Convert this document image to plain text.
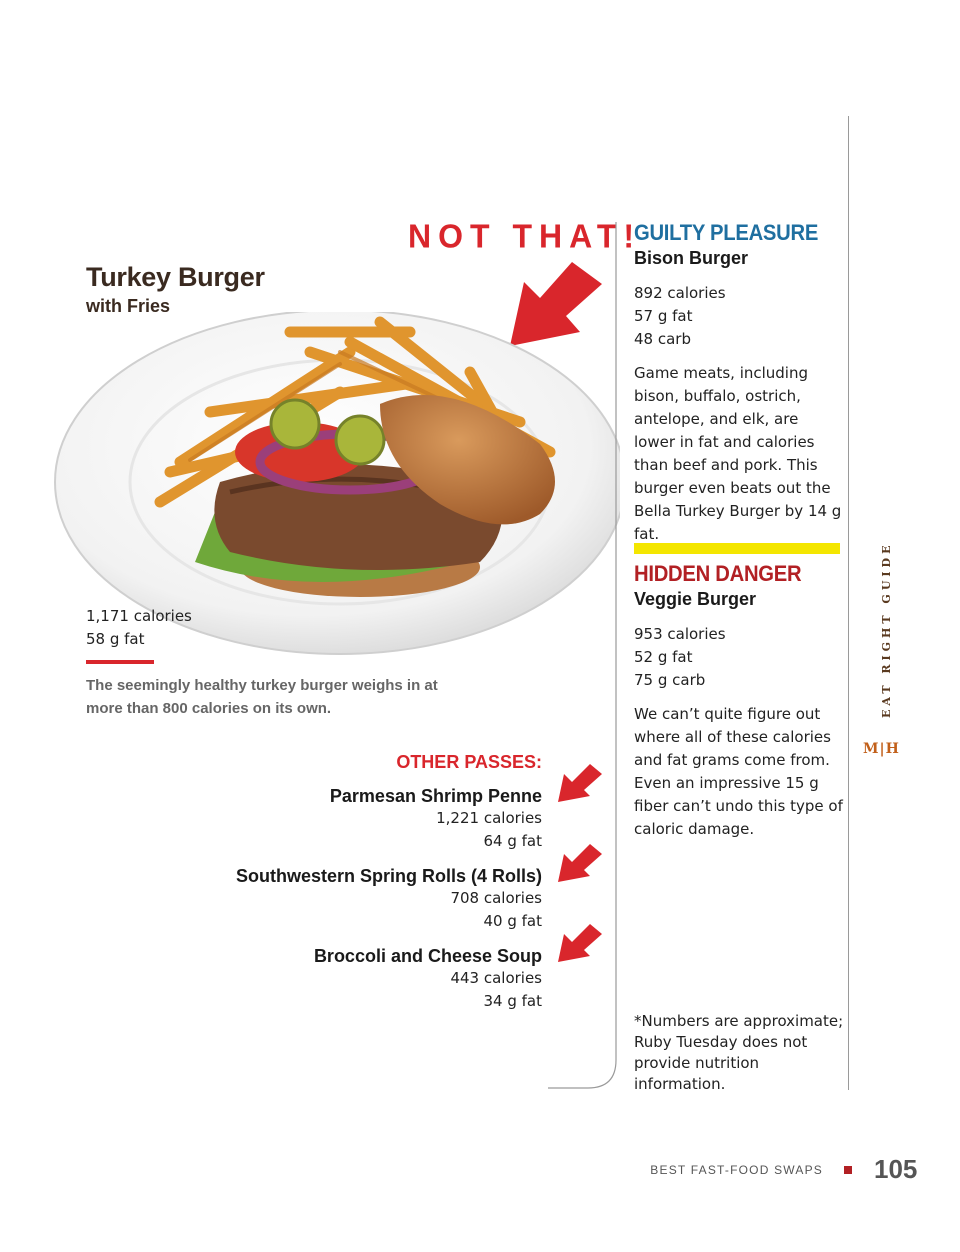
Turkey Burger
with Fries
NOT THAT!
1,171 calories
58 g fat
The seemingly healthy turkey burger weighs in at more than 800 calories on its own.
OTHER PASSES:
Parmesan Shrimp Penne
1,221 calories
64 g fat
Southwestern Spring Rolls (4 Rolls)
708 calories
40 g fat
Broccoli and Cheese Soup
443 calories
34 g fat
GUILTY PLEASURE
Bison Burger
892 calories
57 g fat
48 carb
Game meats, including bison, buffalo, ostrich, antelope, and elk, are lower in fat and calories than beef and pork. This burger even beats out the Bella Turkey Burger by 14 g fat.
HIDDEN DANGER
Veggie Burger
953 calories
52 g fat
75 g carb
We can’t quite figure out where all of these calories and fat grams come from. Even an impressive 15 g fiber can’t undo this type of caloric damage.
*Numbers are approximate; Ruby Tuesday does not provide nutrition information.
EAT RIGHT GUIDE
M|H
BEST FAST-FOOD SWAPS 105
